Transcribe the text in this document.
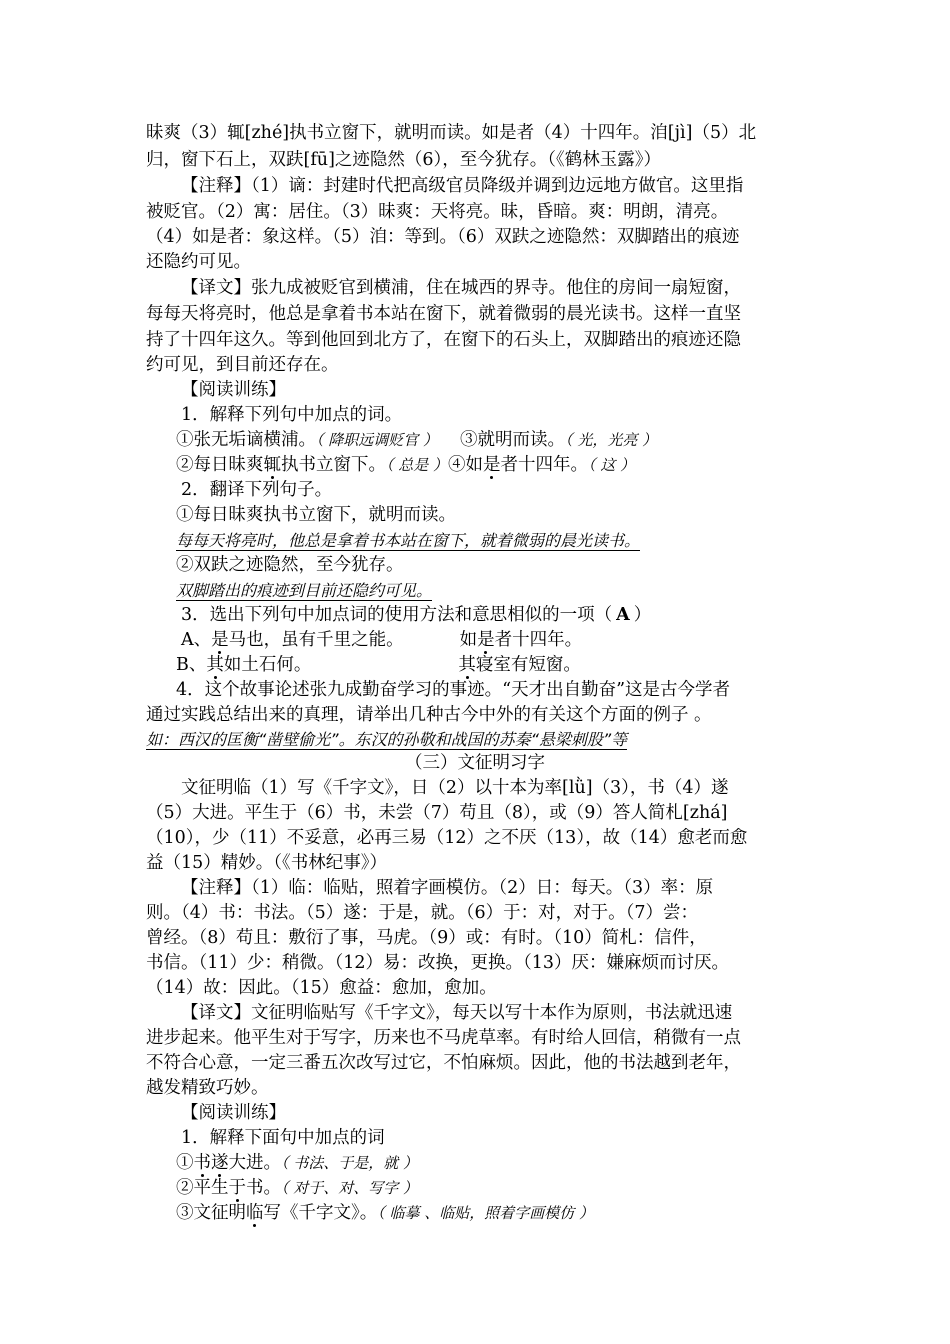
昧爽（3）辄[zhé]执书立窗下，就明而读。如是者（4）十四年。洎[jì]（5）北
归，窗下石上，双趺[fū]之迹隐然（6），至今犹存。（《鹤林玉露》）
【注释】（1）谪：封建时代把高级官员降级并调到边远地方做官。这里指
被贬官。（2）寓：居住。（3）昧爽：天将亮。昧，昏暗。爽：明朗，清亮。
（4）如是者：象这样。（5）洎：等到。（6）双趺之迹隐然：双脚踏出的痕迹
还隐约可见。
【译文】张九成被贬官到横浦，住在城西的界寺。他住的房间一扇短窗，
每每天将亮时，他总是拿着书本站在窗下，就着微弱的晨光读书。这样一直坚
持了十四年这久。等到他回到北方了，在窗下的石头上，双脚踏出的痕迹还隐
约可见，到目前还存在。
【阅读训练】
1．解释下列句中加点的词。
①张无垢谪横浦。（ 降职远调贬官 ） ③就明而读。（ 光，光亮 ）
②每日昧爽辄执书立窗下。（ 总是 ）④如是者十四年。（ 这 ）
2．翻译下列句子。
①每日昧爽执书立窗下，就明而读。
每每天将亮时，他总是拿着书本站在窗下，就着微弱的晨光读书。
②双趺之迹隐然，至今犹存。
双脚踏出的痕迹到目前还隐约可见。
3．选出下列句中加点词的使用方法和意思相似的一项（ A ）
A、是马也，虽有千里之能。	如是者十四年。
B、其如土石何。	其寝室有短窗。
4．这个故事论述张九成勤奋学习的事迹。“天才出自勤奋”这是古今学者
通过实践总结出来的真理，请举出几种古今中外的有关这个方面的例子 。
如：西汉的匡衡“凿壁偷光”。东汉的孙敬和战国的苏秦“悬梁刺股”等
（三）文征明习字
文征明临（1）写《千字文》，日（2）以十本为率[lǜ]（3），书（4）遂
（5）大进。平生于（6）书，未尝（7）苟且（8），或（9）答人简札[zhá]
（10），少（11）不妥意，必再三易（12）之不厌（13），故（14）愈老而愈
益（15）精妙。（《书林纪事》）
【注释】（1）临：临贴，照着字画模仿。（2）日：每天。（3）率：原
则。（4）书：书法。（5）遂：于是，就。（6）于：对，对于。（7）尝：
曾经。（8）苟且：敷衍了事，马虎。（9）或：有时。（10）简札：信件，
书信。（11）少：稍微。（12）易：改换，更换。（13）厌：嫌麻烦而讨厌。
（14）故：因此。（15）愈益：愈加，愈加。
【译文】文征明临贴写《千字文》，每天以写十本作为原则，书法就迅速
进步起来。他平生对于写字，历来也不马虎草率。有时给人回信，稍微有一点
不符合心意，一定三番五次改写过它，不怕麻烦。因此，他的书法越到老年，
越发精致巧妙。
【阅读训练】
1．解释下面句中加点的词
①书遂大进。（ 书法、于是，就 ）
②平生于书。（ 对于、对、写字 ）
③文征明临写《千字文》。（ 临摹 、临贴，照着字画模仿 ）
